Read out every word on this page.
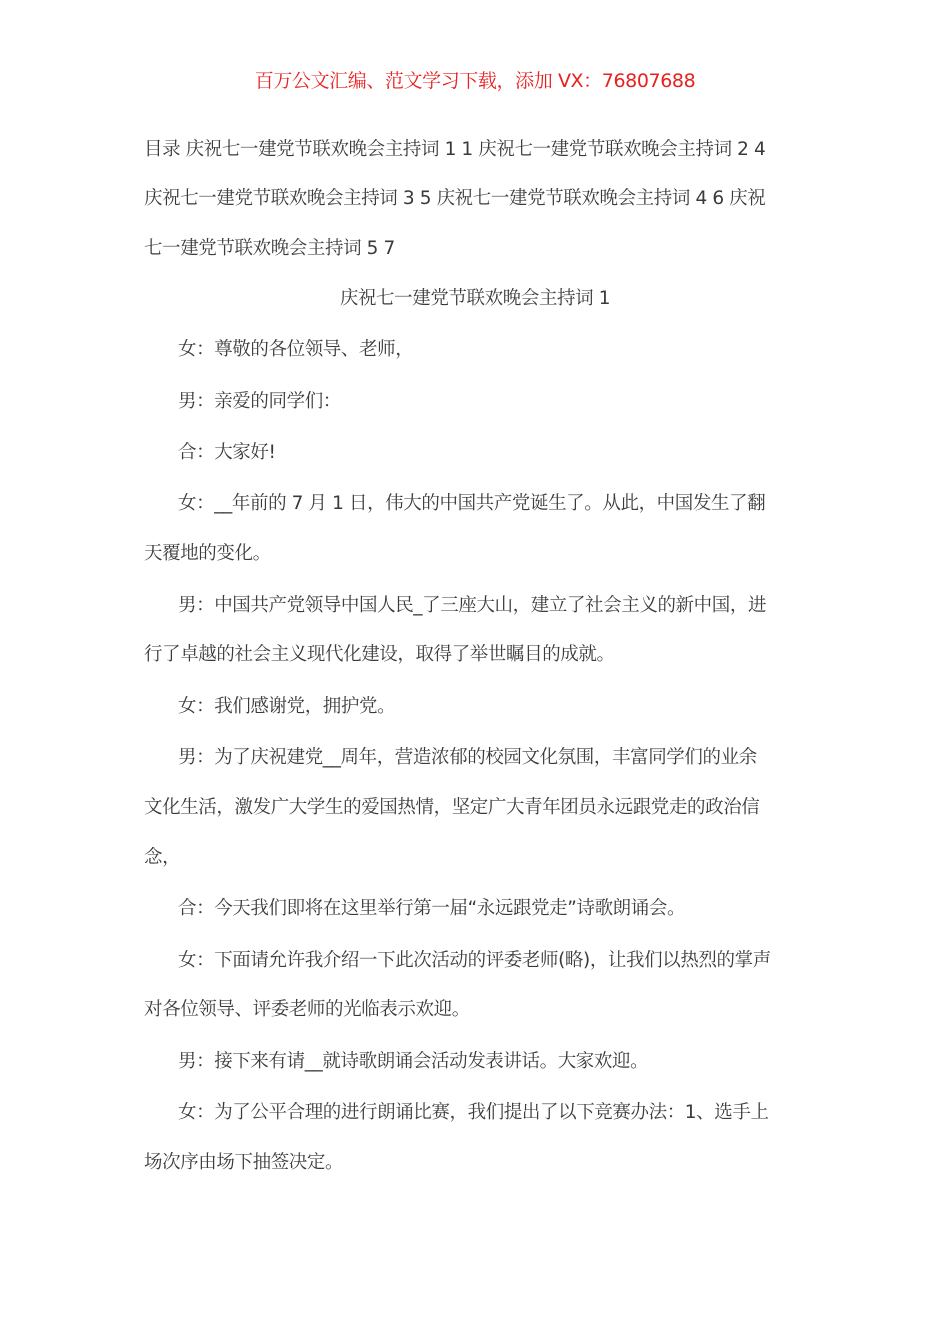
百万公文汇编、范文学习下载，添加 VX：76807688
目录 庆祝七一建党节联欢晚会主持词 1 1 庆祝七一建党节联欢晚会主持词 2 4
庆祝七一建党节联欢晚会主持词 3 5 庆祝七一建党节联欢晚会主持词 4 6 庆祝
七一建党节联欢晚会主持词 5 7
庆祝七一建党节联欢晚会主持词 1
女：尊敬的各位领导、老师，
男：亲爱的同学们：
合：大家好!
女：__年前的 7 月 1 日，伟大的中国共产党诞生了。从此，中国发生了翻
天覆地的变化。
男：中国共产党领导中国人民_了三座大山，建立了社会主义的新中国，进
行了卓越的社会主义现代化建设，取得了举世瞩目的成就。
女：我们感谢党，拥护党。
男：为了庆祝建党__周年，营造浓郁的校园文化氛围，丰富同学们的业余
文化生活，激发广大学生的爱国热情，坚定广大青年团员永远跟党走的政治信
念，
合：今天我们即将在这里举行第一届“永远跟党走”诗歌朗诵会。
女：下面请允许我介绍一下此次活动的评委老师(略)，让我们以热烈的掌声
对各位领导、评委老师的光临表示欢迎。
男：接下来有请__就诗歌朗诵会活动发表讲话。大家欢迎。
女：为了公平合理的进行朗诵比赛，我们提出了以下竞赛办法：1、选手上
场次序由场下抽签决定。
